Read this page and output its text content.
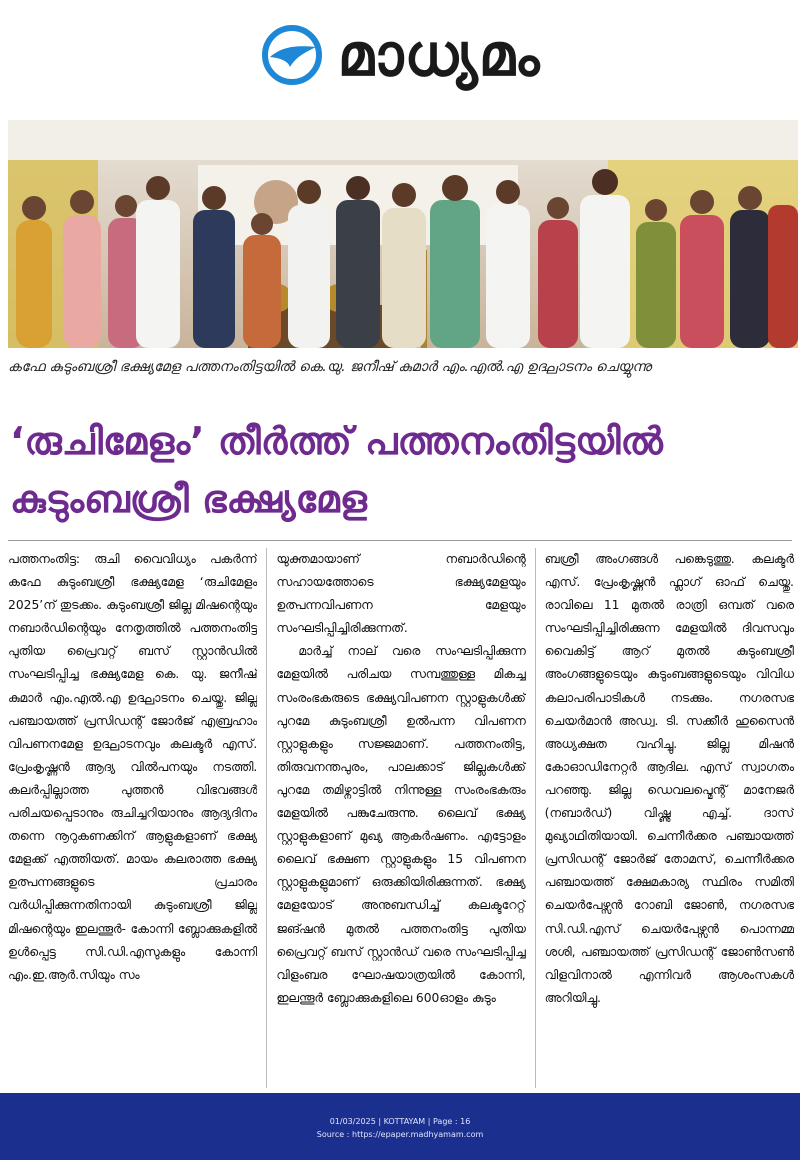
മാധ്യമം
കഫേ കുടുംബശ്രീ ഭക്ഷ്യമേള പത്തനംതിട്ടയിൽ കെ.യു. ജനീഷ് കുമാർ എം.എൽ.എ ഉദ്ഘാടനം ചെയ്യുന്നു
‘രുചിമേളം’ തീർത്ത് പത്തനംതിട്ടയിൽ
കുടുംബശ്രീ ഭക്ഷ്യമേള

പത്തനംതിട്ട: രുചി വൈവിധ്യം പകർന്ന് കഫേ കുടുംബശ്രീ ഭക്ഷ്യമേള ‘രുചിമേളം 2025’ന് തുടക്കം. കുടുംബശ്രീ ജില്ല മിഷന്റെയും നബാർഡിന്റെയും നേതൃത്തിൽ പത്തനംതിട്ട പുതിയ പ്രൈവറ്റ് ബസ് സ്റ്റാൻഡിൽ സംഘടിപ്പിച്ച ഭക്ഷ്യമേള കെ. യു. ജനീഷ് കുമാർ എം.എൽ.എ ഉദ്ഘാടനം ചെയ്തു. ജില്ല പഞ്ചായത്ത് പ്രസിഡന്റ് ജോർജ് എബ്രഹാം വിപണനമേള ഉദ്ഘാടനവും കലക്ടർ എസ്. പ്രേംകൃഷ്ണൻ ആദ്യ വിൽപനയും നടത്തി. കലർപ്പില്ലാത്ത പുത്തൻ വിഭവങ്ങൾ പരിചയപ്പെടാനും രുചിച്ചറിയാനും ആദ്യദിനം തന്നെ നൂറുകണക്കിന് ആളുകളാണ് ഭക്ഷ്യ മേളക്ക് എത്തിയത്. മായം കലരാത്ത ഭക്ഷ്യ ഉത്പന്നങ്ങളുടെ പ്രചാരം വർധിപ്പിക്കുന്നതിനായി കുടുംബശ്രീ ജില്ല മിഷന്റെയും ഇലന്തൂർ- കോന്നി ബ്ലോക്കുകളിൽ ഉൾപ്പെട്ട സി.ഡി.എസുകളും കോന്നി എം.ഇ.ആർ.സിയും സം

യുക്തമായാണ് നബാർഡിന്റെ സഹായത്തോടെ ഭക്ഷ്യമേളയും ഉത്പന്നവിപണന മേളയും സംഘടിപ്പിച്ചിരിക്കുന്നത്.

മാർച്ച് നാല് വരെ സംഘടിപ്പിക്കുന്ന മേളയിൽ പരിചയ സമ്പത്തുള്ള മികച്ച സംരംഭകരുടെ ഭക്ഷ്യവിപണന സ്റ്റാളുകൾക്ക് പുറമേ കുടുംബശ്രീ ഉൽപന്ന വിപണന സ്റ്റാളുകളും സജ്ജമാണ്. പത്തനംതിട്ട, തിരുവനന്തപുരം, പാലക്കാട് ജില്ലകൾക്ക് പുറമേ തമിഴ്നാട്ടിൽ നിന്നുള്ള സംരംഭകരും മേളയിൽ പങ്കുചേരുന്നു. ലൈവ് ഭക്ഷ്യ സ്റ്റാളുകളാണ് മുഖ്യ ആകർഷണം. എട്ടോളം ലൈവ് ഭക്ഷണ സ്റ്റാളുകളും 15 വിപണന സ്റ്റാളുകളുമാണ് ഒരുക്കിയിരിക്കുന്നത്. ഭക്ഷ്യ മേളയോട് അനുബന്ധിച്ച് കലക്ടറേറ്റ് ജങ്ഷൻ മുതൽ പത്തനംതിട്ട പുതിയ പ്രൈവറ്റ് ബസ് സ്റ്റാൻഡ് വരെ സംഘടിപ്പിച്ച വിളംബര ഘോഷയാത്രയിൽ കോന്നി, ഇലന്തൂർ ബ്ലോക്കുകളിലെ 600ഓളം കുടും

ബശ്രീ അംഗങ്ങൾ പങ്കെടുത്തു. കലക്ടർ എസ്. പ്രേംകൃഷ്ണൻ ഫ്ലാഗ് ഓഫ് ചെയ്തു. രാവിലെ 11 മുതൽ രാത്രി ഒമ്പത് വരെ സംഘടിപ്പിച്ചിരിക്കുന്ന മേളയിൽ ദിവസവും വൈകിട്ട് ആറ് മുതൽ കുടുംബശ്രീ അംഗങ്ങളുടെയും കുടുംബങ്ങളുടെയും വിവിധ കലാപരിപാടികൾ നടക്കും. നഗരസഭ ചെയർമാൻ അഡ്വ. ടി. സക്കീർ ഹുസൈൻ അധ്യക്ഷത വഹിച്ചു. ജില്ല മിഷൻ കോഓഡിനേറ്റർ ആദില. എസ് സ്വാഗതം പറഞ്ഞു. ജില്ല ഡെവലപ്മെന്റ് മാനേജർ (നബാർഡ്) വിഷ്ണു എച്ച്. ദാസ് മുഖ്യാഥിതിയായി. ചെന്നീർക്കര പഞ്ചായത്ത് പ്രസിഡന്റ് ജോർജ് തോമസ്, ചെന്നീർക്കര പഞ്ചായത്ത് ക്ഷേമകാര്യ സ്ഥിരം സമിതി ചെയർപേഴ്സൻ റോബി ജോൺ, നഗരസഭ സി.ഡി.എസ് ചെയർപേഴ്സൻ പൊന്നമ്മ ശശി, പഞ്ചായത്ത് പ്രസിഡന്റ് ജോൺസൺ വിളവിനാൽ എന്നിവർ ആശംസകൾ അറിയിച്ചു.

01/03/2025 | KOTTAYAM | Page : 16
Source : https://epaper.madhyamam.com
